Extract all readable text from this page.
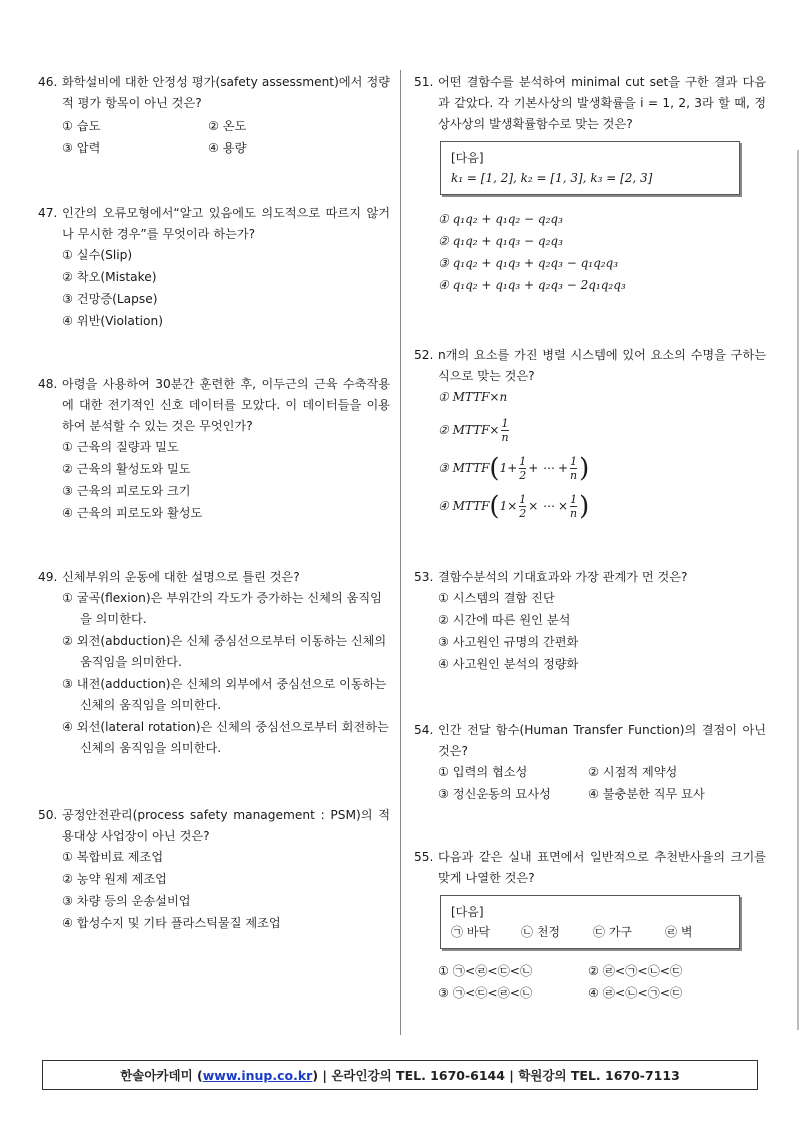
46. 화학설비에 대한 안정성 평가(safety assessment)에서 정량적 평가 항목이 아닌 것은?
① 습도	② 온도
③ 압력	④ 용량
47. 인간의 오류모형에서“알고 있음에도 의도적으로 따르지 않거나 무시한 경우”를 무엇이라 하는가?
① 실수(Slip)
② 착오(Mistake)
③ 건망증(Lapse)
④ 위반(Violation)
48. 아령을 사용하여 30분간 훈련한 후, 이두근의 근육 수축작용에 대한 전기적인 신호 데이터를 모았다. 이 데이터들을 이용하여 분석할 수 있는 것은 무엇인가?
① 근육의 질량과 밀도
② 근육의 활성도와 밀도
③ 근육의 피로도와 크기
④ 근육의 피로도와 활성도
49. 신체부위의 운동에 대한 설명으로 틀린 것은?
① 굴곡(flexion)은 부위간의 각도가 증가하는 신체의 움직임을 의미한다.
② 외전(abduction)은 신체 중심선으로부터 이동하는 신체의 움직임을 의미한다.
③ 내전(adduction)은 신체의 외부에서 중심선으로 이동하는 신체의 움직임을 의미한다.
④ 외선(lateral rotation)은 신체의 중심선으로부터 회전하는 신체의 움직임을 의미한다.
50. 공정안전관리(process safety management : PSM)의 적용대상 사업장이 아닌 것은?
① 복합비료 제조업
② 농약 원제 제조업
③ 차량 등의 운송설비업
④ 합성수지 및 기타 플라스틱물질 제조업
51. 어떤 결함수를 분석하여 minimal cut set을 구한 결과 다음과 같았다. 각 기본사상의 발생확률을 i = 1, 2, 3라 할 때, 정상사상의 발생확률함수로 맞는 것은?
[다음]
k₁ = [1, 2], k₂ = [1, 3], k₃ = [2, 3]
① q₁q₂ + q₁q₂ − q₂q₃
② q₁q₂ + q₁q₃ − q₂q₃
③ q₁q₂ + q₁q₃ + q₂q₃ − q₁q₂q₃
④ q₁q₂ + q₁q₃ + q₂q₃ − 2q₁q₂q₃
52. n개의 요소를 가진 병렬 시스템에 있어 요소의 수명을 구하는 식으로 맞는 것은?
① MTTF×n
② MTTF× $\frac{1}{n}$
③ MTTF(1+ $\frac{1}{2}$ + ⋯ + $\frac{1}{n}$ )
④ MTTF(1× $\frac{1}{2}$ × ⋯ × $\frac{1}{n}$ )
53. 결함수분석의 기대효과와 가장 관계가 먼 것은?
① 시스템의 결함 진단
② 시간에 따른 원인 분석
③ 사고원인 규명의 간편화
④ 사고원인 분석의 정량화
54. 인간 전달 함수(Human Transfer Function)의 결점이 아닌 것은?
① 입력의 협소성	② 시점적 제약성
③ 정신운동의 묘사성	④ 불충분한 직무 묘사
55. 다음과 같은 실내 표면에서 일반적으로 추천반사율의 크기를 맞게 나열한 것은?
[다음]
㉠ 바닥	㉡ 천정	㉢ 가구	㉣ 벽
① ㉠<㉣<㉢<㉡	② ㉣<㉠<㉡<㉢
③ ㉠<㉢<㉣<㉡	④ ㉣<㉡<㉠<㉢
한솔아카데미 (www.inup.co.kr) | 온라인강의 TEL. 1670-6144 | 학원강의 TEL. 1670-7113
